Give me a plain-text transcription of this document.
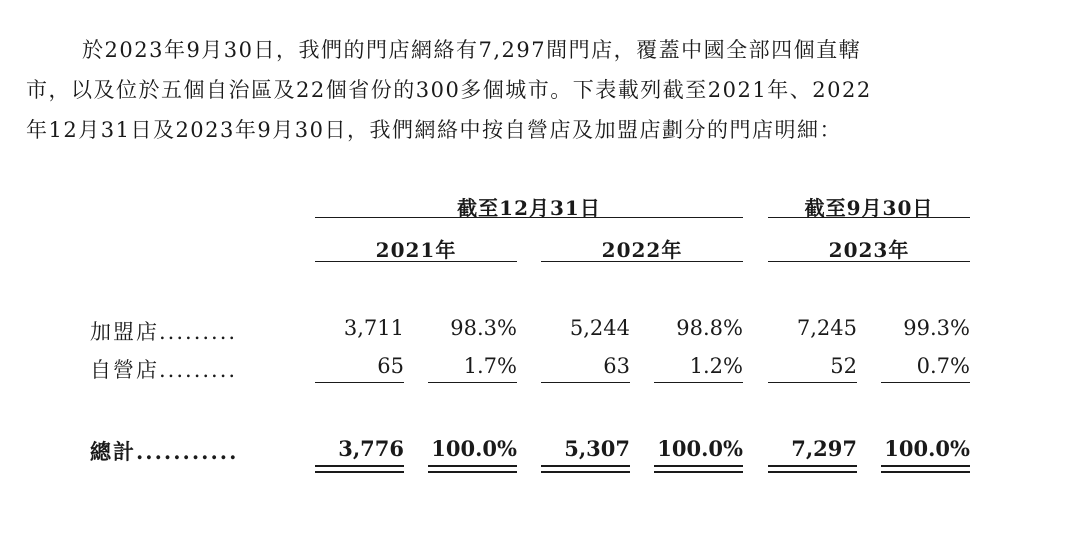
於2023年9月30日，我們的門店網絡有7,297間門店，覆蓋中國全部四個直轄
市，以及位於五個自治區及22個省份的300多個城市。下表載列截至2021年、2022
年12月31日及2023年9月30日，我們網絡中按自營店及加盟店劃分的門店明細：
截至12月31日	截至9月30日
2021年	2022年	2023年
加盟店.........	3,711	98.3%	5,244	98.8%	7,245	99.3%
自營店.........	65	1.7%	63	1.2%	52	0.7%
總計...........	3,776	100.0%	5,307	100.0%	7,297	100.0%
